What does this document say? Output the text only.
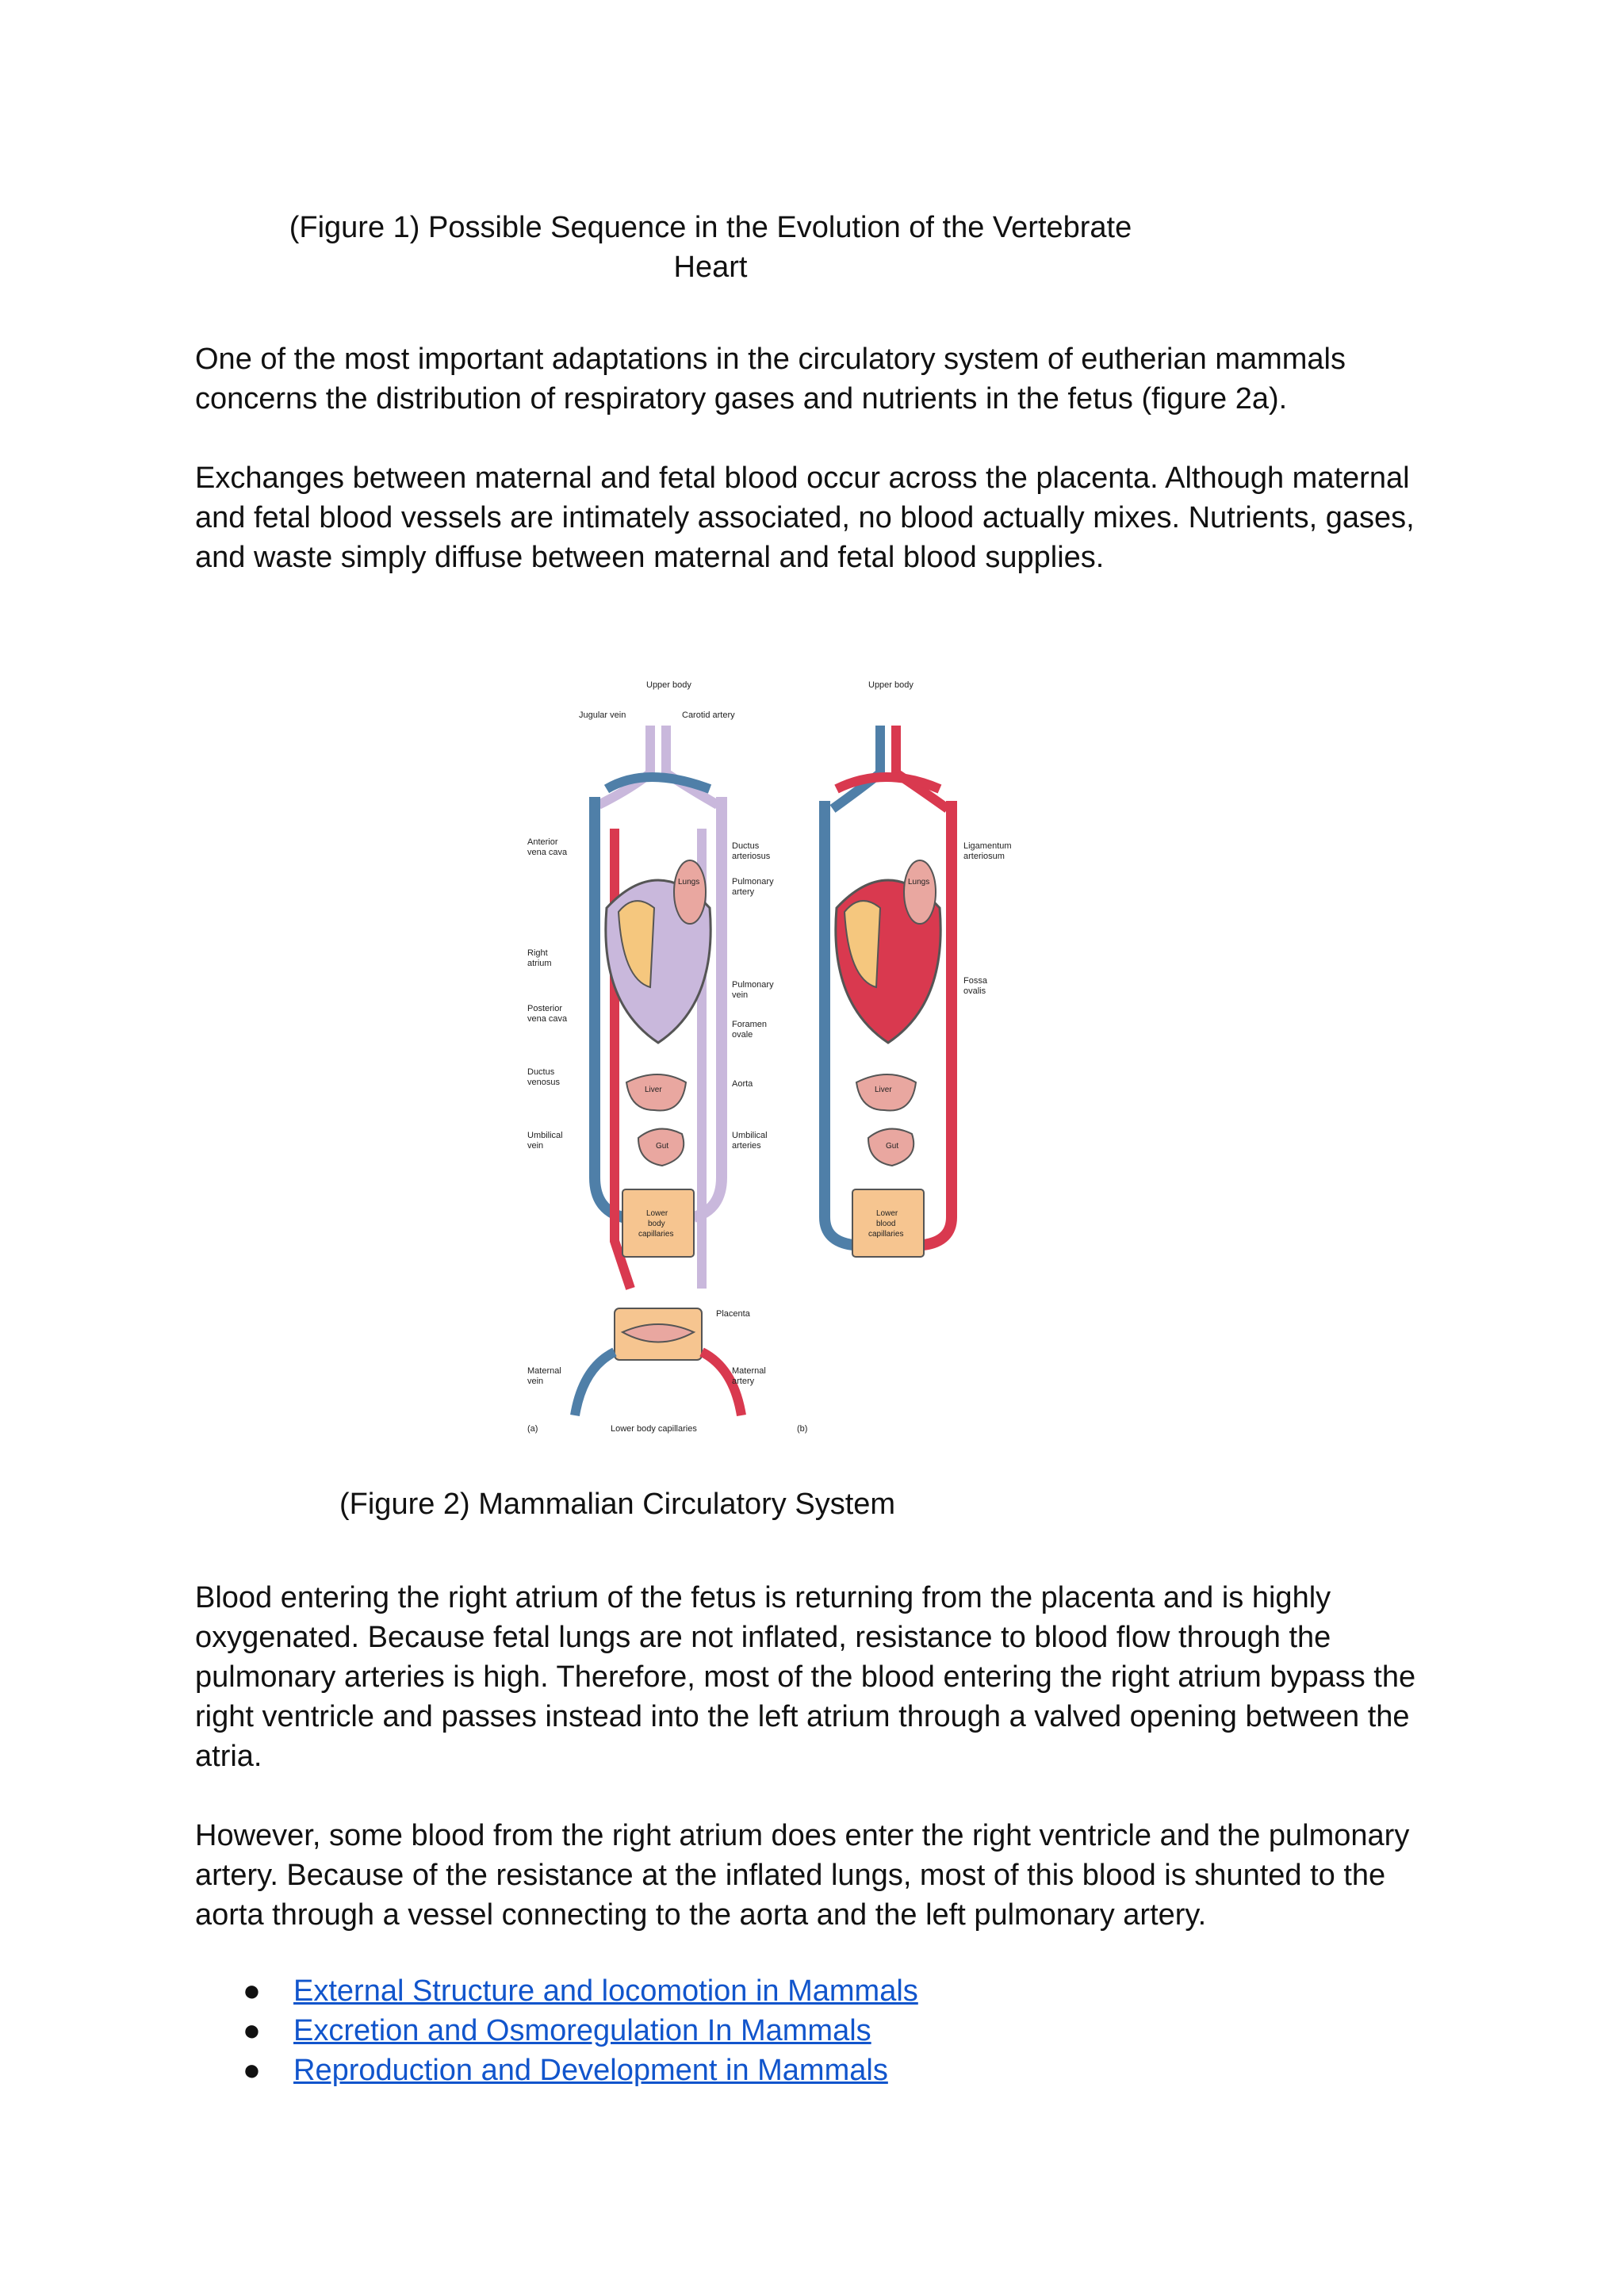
(Figure 1) Possible Sequence in the Evolution of the Vertebrate
Heart

One of the most important adaptations in the circulatory system of eutherian mammals concerns the distribution of respiratory gases and nutrients in the fetus (figure 2a).

Exchanges between maternal and fetal blood occur across the placenta. Although maternal and fetal blood vessels are intimately associated, no blood actually mixes. Nutrients, gases, and waste simply diffuse between maternal and fetal blood supplies.

Upper body	Upper body
Jugular vein	Carotid artery
Anterior
vena cava
Right
atrium
Posterior
vena cava
Ductus
venosus
Umbilical
vein
Maternal
vein
Ductus
arteriosus
Pulmonary
artery
Pulmonary
vein
Foramen
ovale
Aorta
Umbilical
arteries
Placenta
Maternal
artery
Lower body capillaries
(a)	(b)
Lungs	Lungs
Liver	Liver
Gut	Gut
Lower
body
capillaries
Lower
blood
capillaries
Ligamentum
arteriosum
Fossa
ovalis
(Figure 2) Mammalian Circulatory System

Blood entering the right atrium of the fetus is returning from the placenta and is highly oxygenated. Because fetal lungs are not inflated, resistance to blood flow through the pulmonary arteries is high. Therefore, most of the blood entering the right atrium bypass the right ventricle and passes instead into the left atrium through a valved opening between the atria.

However, some blood from the right atrium does enter the right ventricle and the pulmonary artery. Because of the resistance at the inflated lungs, most of this blood is shunted to the aorta through a vessel connecting to the aorta and the left pulmonary artery.

● External Structure and locomotion in Mammals
● Excretion and Osmoregulation In Mammals
● Reproduction and Development in Mammals
